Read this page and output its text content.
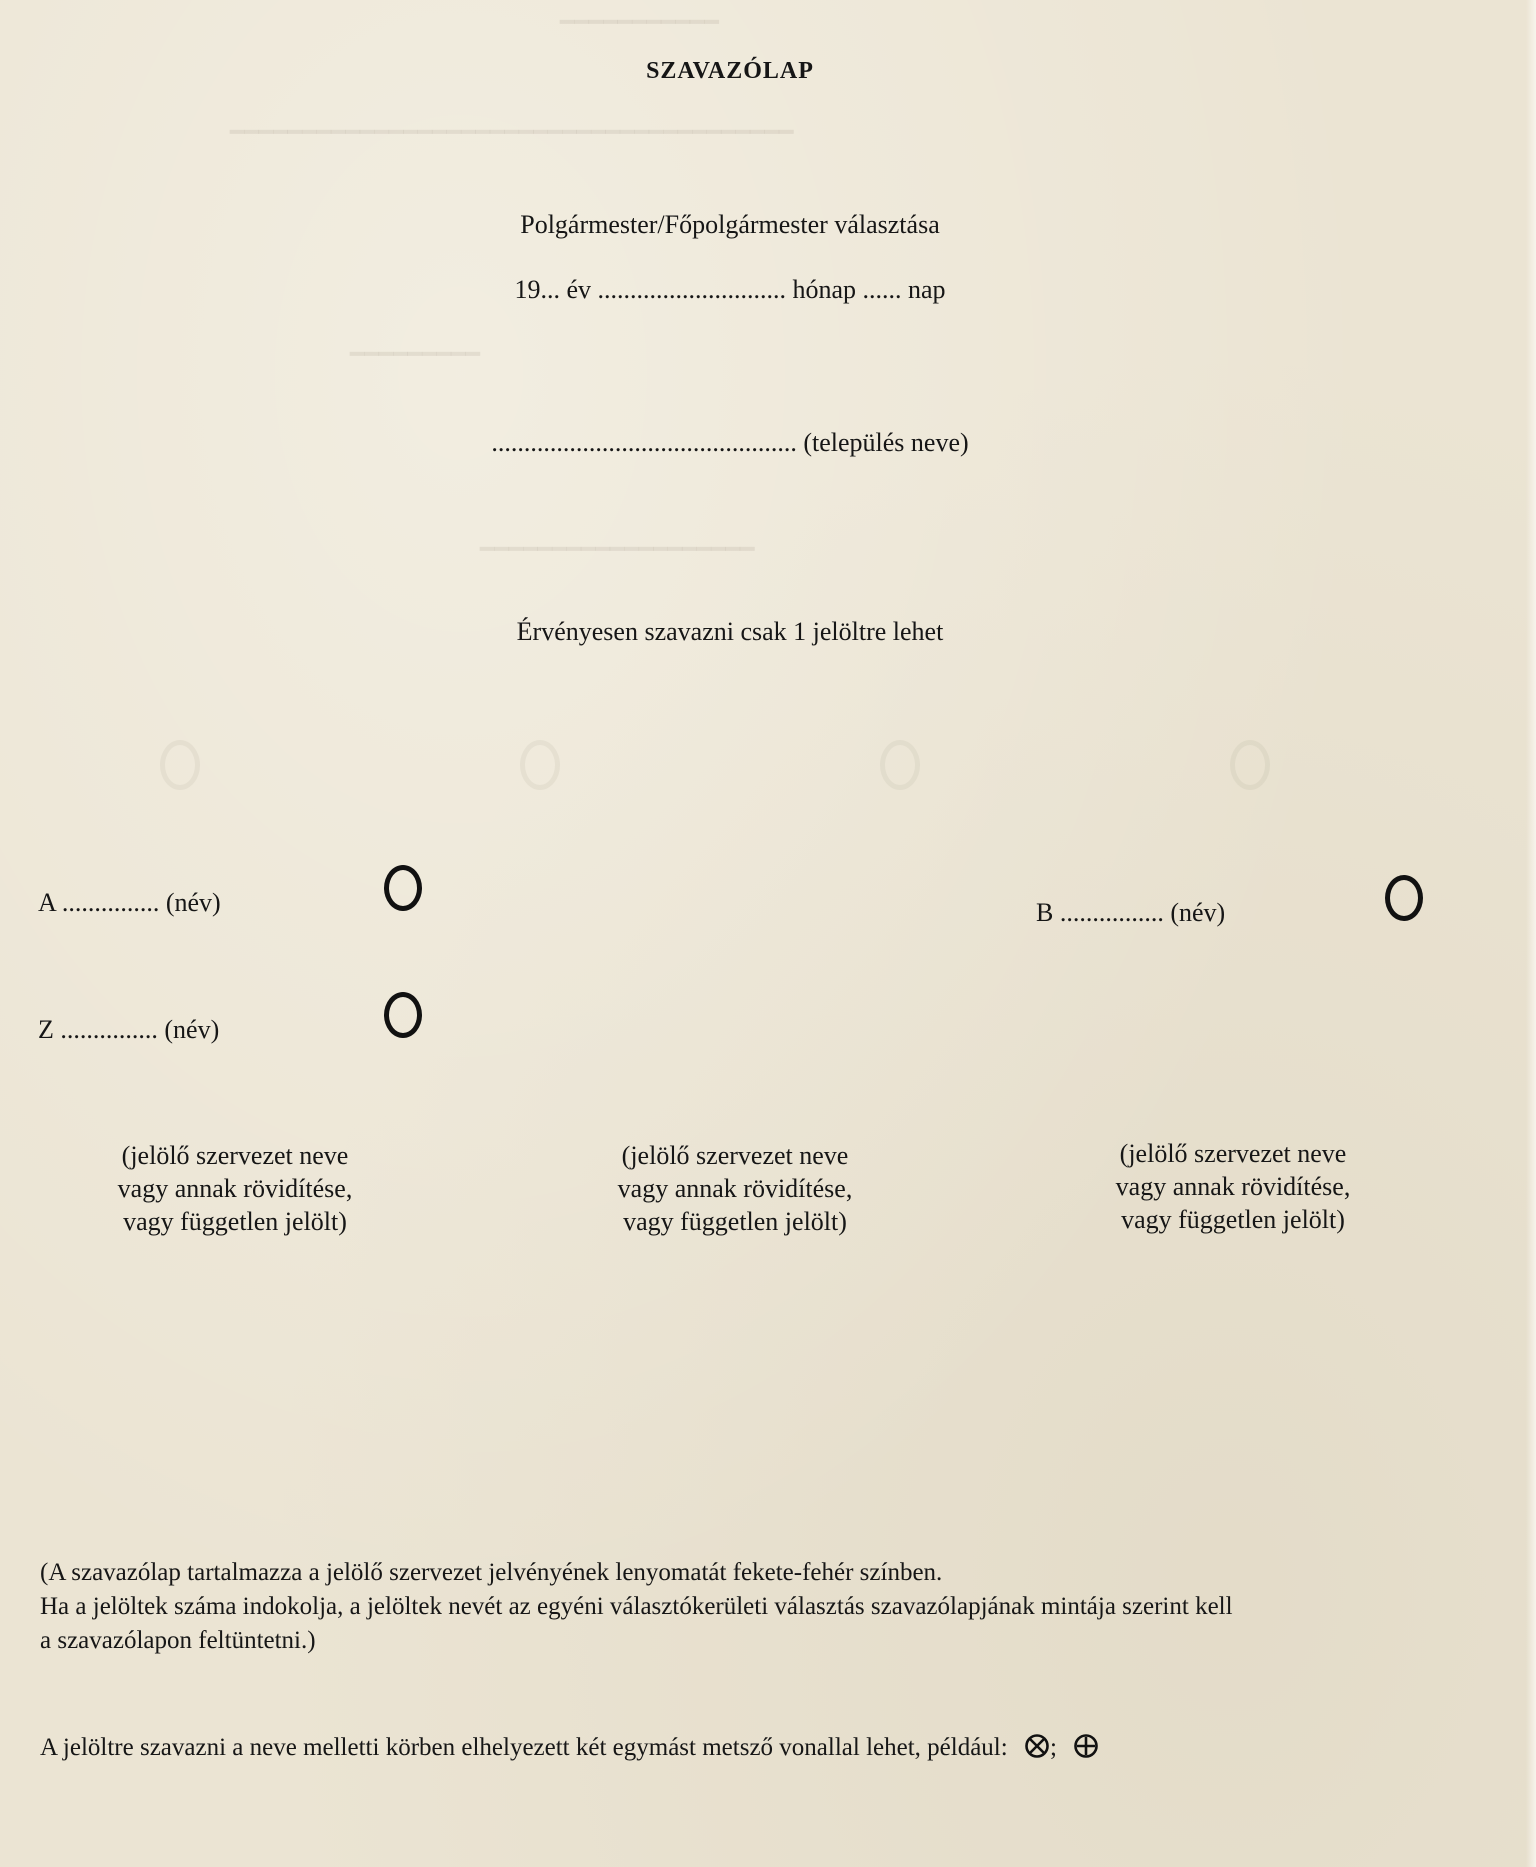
━━━━━━━━━━━
━━━━━━━━━━━━━━━━━━━━━━━━━━━━━━━━━━━━━━━
━━━━━━━━━
━━━━━━━━━━━━━━━━━━━
SZAVAZÓLAP
Polgármester/Főpolgármester választása
19... év ............................. hónap ...... nap
............................................... (település neve)
Érvényesen szavazni csak 1 jelöltre lehet
A ............... (név)	B ................ (név)
Z ............... (név)
(jelölő szervezet neve
vagy annak rövidítése,
vagy független jelölt)
(jelölő szervezet neve
vagy annak rövidítése,
vagy független jelölt)
(jelölő szervezet neve
vagy annak rövidítése,
vagy független jelölt)
(A szavazólap tartalmazza a jelölő szervezet jelvényének lenyomatát fekete-fehér színben.
Ha a jelöltek száma indokolja, a jelöltek nevét az egyéni választókerületi választás szavazólapjának mintája szerint kell
a szavazólapon feltüntetni.)
A jelöltre szavazni a neve melletti körben elhelyezett két egymást metsző vonallal lehet, például: ;
